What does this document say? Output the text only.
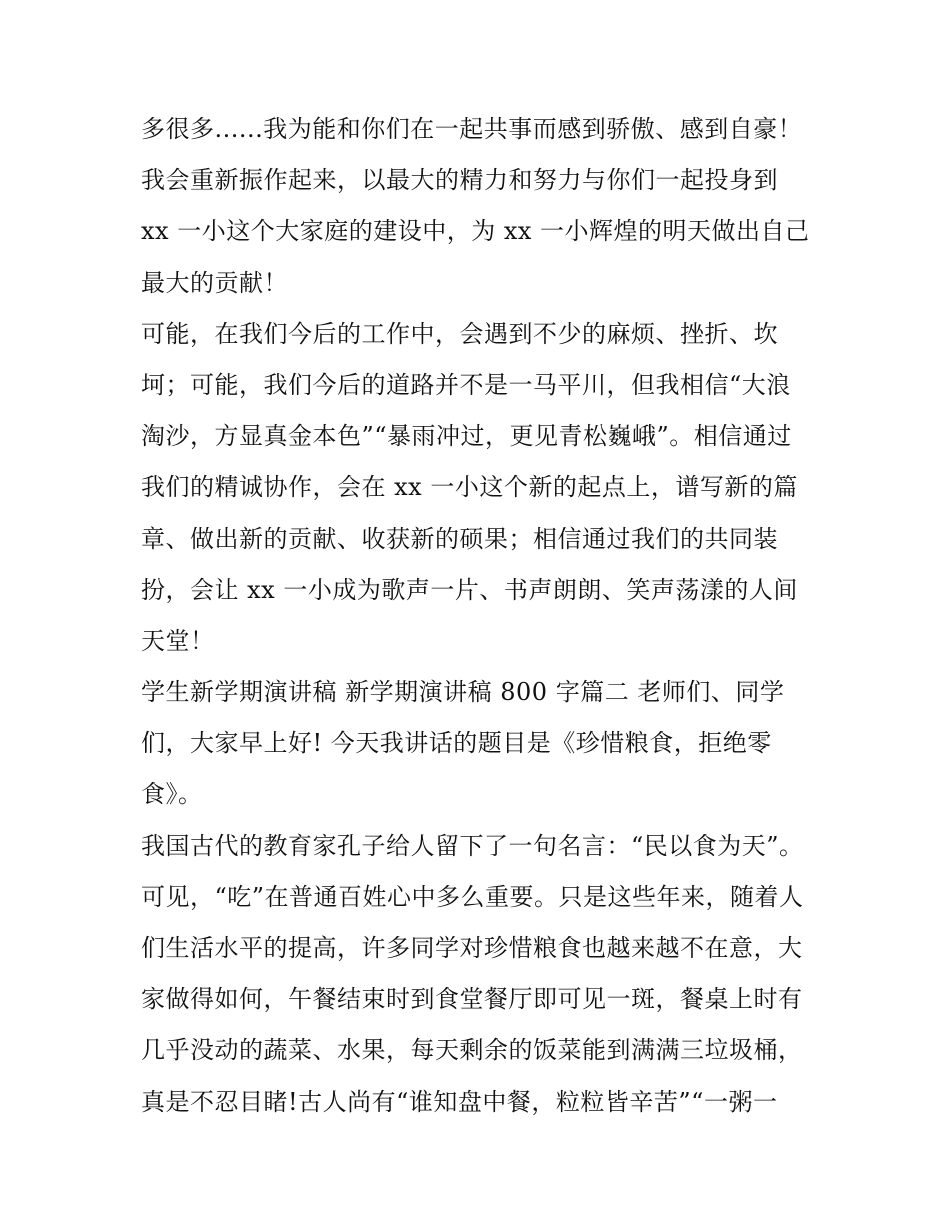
多很多......我为能和你们在一起共事而感到骄傲、感到自豪！
我会重新振作起来，以最大的精力和努力与你们一起投身到
xx 一小这个大家庭的建设中，为 xx 一小辉煌的明天做出自己
最大的贡献！
可能，在我们今后的工作中，会遇到不少的麻烦、挫折、坎
坷；可能，我们今后的道路并不是一马平川，但我相信“大浪
淘沙，方显真金本色”“暴雨冲过，更见青松巍峨”。相信通过
我们的精诚协作，会在 xx 一小这个新的起点上，谱写新的篇
章、做出新的贡献、收获新的硕果；相信通过我们的共同装
扮，会让 xx 一小成为歌声一片、书声朗朗、笑声荡漾的人间
天堂！
学生新学期演讲稿 新学期演讲稿 800 字篇二 老师们、同学
们，大家早上好! 今天我讲话的题目是《珍惜粮食，拒绝零
食》。
我国古代的教育家孔子给人留下了一句名言：“民以食为天”。
可见，“吃”在普通百姓心中多么重要。只是这些年来，随着人
们生活水平的提高，许多同学对珍惜粮食也越来越不在意，大
家做得如何，午餐结束时到食堂餐厅即可见一斑，餐桌上时有
几乎没动的蔬菜、水果，每天剩余的饭菜能到满满三垃圾桶，
真是不忍目睹!古人尚有“谁知盘中餐，粒粒皆辛苦”“一粥一
